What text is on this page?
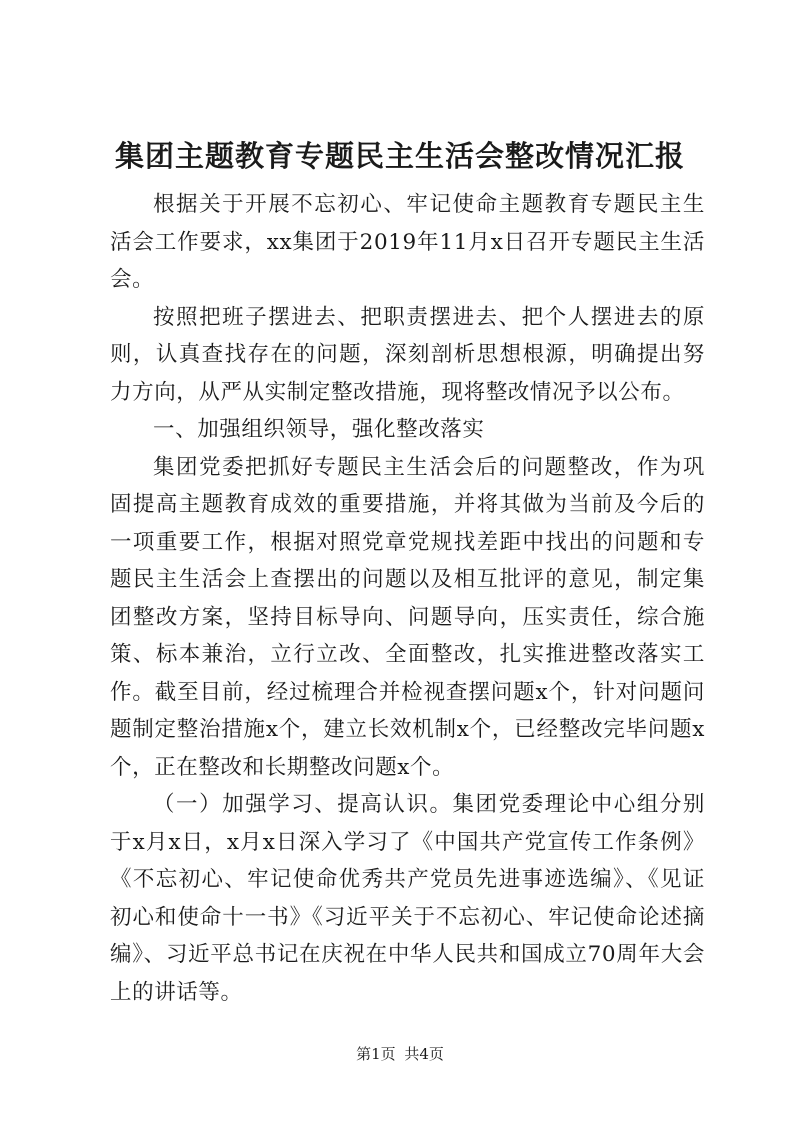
集团主题教育专题民主生活会整改情况汇报

根据关于开展不忘初心、牢记使命主题教育专题民主生活会工作要求，xx集团于2019年11月x日召开专题民主生活会。

按照把班子摆进去、把职责摆进去、把个人摆进去的原则，认真查找存在的问题，深刻剖析思想根源，明确提出努力方向，从严从实制定整改措施，现将整改情况予以公布。

一、加强组织领导，强化整改落实

集团党委把抓好专题民主生活会后的问题整改，作为巩固提高主题教育成效的重要措施，并将其做为当前及今后的一项重要工作，根据对照党章党规找差距中找出的问题和专题民主生活会上查摆出的问题以及相互批评的意见，制定集团整改方案，坚持目标导向、问题导向，压实责任，综合施策、标本兼治，立行立改、全面整改，扎实推进整改落实工作。截至目前，经过梳理合并检视查摆问题x个，针对问题问题制定整治措施x个，建立长效机制x个，已经整改完毕问题x个，正在整改和长期整改问题x个。

（一）加强学习、提高认识。集团党委理论中心组分别于x月x日，x月x日深入学习了《中国共产党宣传工作条例》《不忘初心、牢记使命优秀共产党员先进事迹选编》、《见证初心和使命十一书》《习近平关于不忘初心、牢记使命论述摘编》、习近平总书记在庆祝在中华人民共和国成立70周年大会上的讲话等。

第1页 共4页
